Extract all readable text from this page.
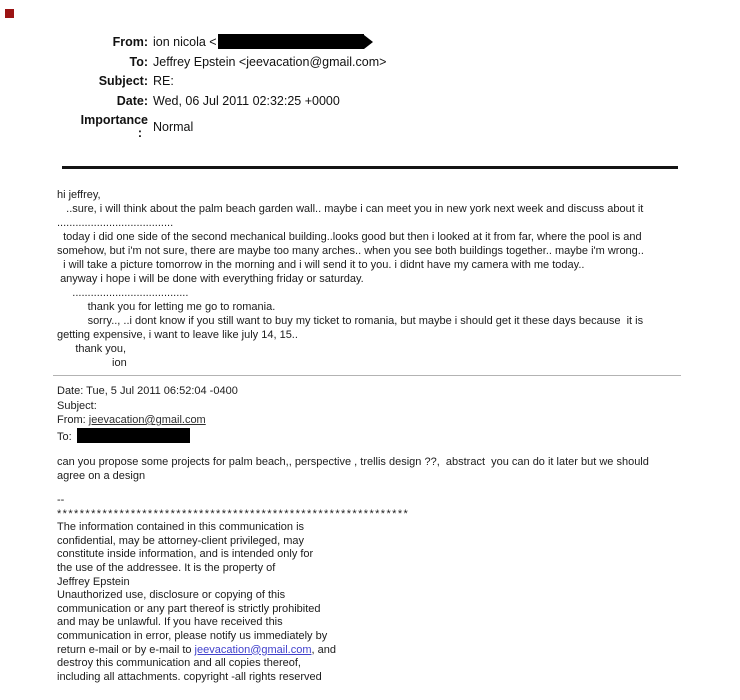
From: ion nicola <
To: Jeffrey Epstein <jeevacation@gmail.com>
Subject: RE:
Date: Wed, 06 Jul 2011 02:32:25 +0000
Importance
: Normal
hi jeffrey,
..sure, i will think about the palm beach garden wall.. maybe i can meet you in new york next week and discuss about it
......................................
today i did one side of the second mechanical building..looks good but then i looked at it from far, where the pool is and
somehow, but i'm not sure, there are maybe too many arches.. when you see both buildings together.. maybe i'm wrong..
i will take a picture tomorrow in the morning and i will send it to you. i didnt have my camera with me today..
anyway i hope i will be done with everything friday or saturday.
......................................
thank you for letting me go to romania.
sorry.., ..i dont know if you still want to buy my ticket to romania, but maybe i should get it these days because  it is
getting expensive, i want to leave like july 14, 15..
thank you,
ion
Date: Tue, 5 Jul 2011 06:52:04 -0400
Subject:
From: jeevacation@gmail.com
To:
can you propose some projects for palm beach,, perspective , trellis design ??,  abstract  you can do it later but we should
agree on a design
--
**************************************************************
The information contained in this communication is
confidential, may be attorney-client privileged, may
constitute inside information, and is intended only for
the use of the addressee. It is the property of
Jeffrey Epstein
Unauthorized use, disclosure or copying of this
communication or any part thereof is strictly prohibited
and may be unlawful. If you have received this
communication in error, please notify us immediately by
return e-mail or by e-mail to jeevacation@gmail.com, and
destroy this communication and all copies thereof,
including all attachments. copyright -all rights reserved
